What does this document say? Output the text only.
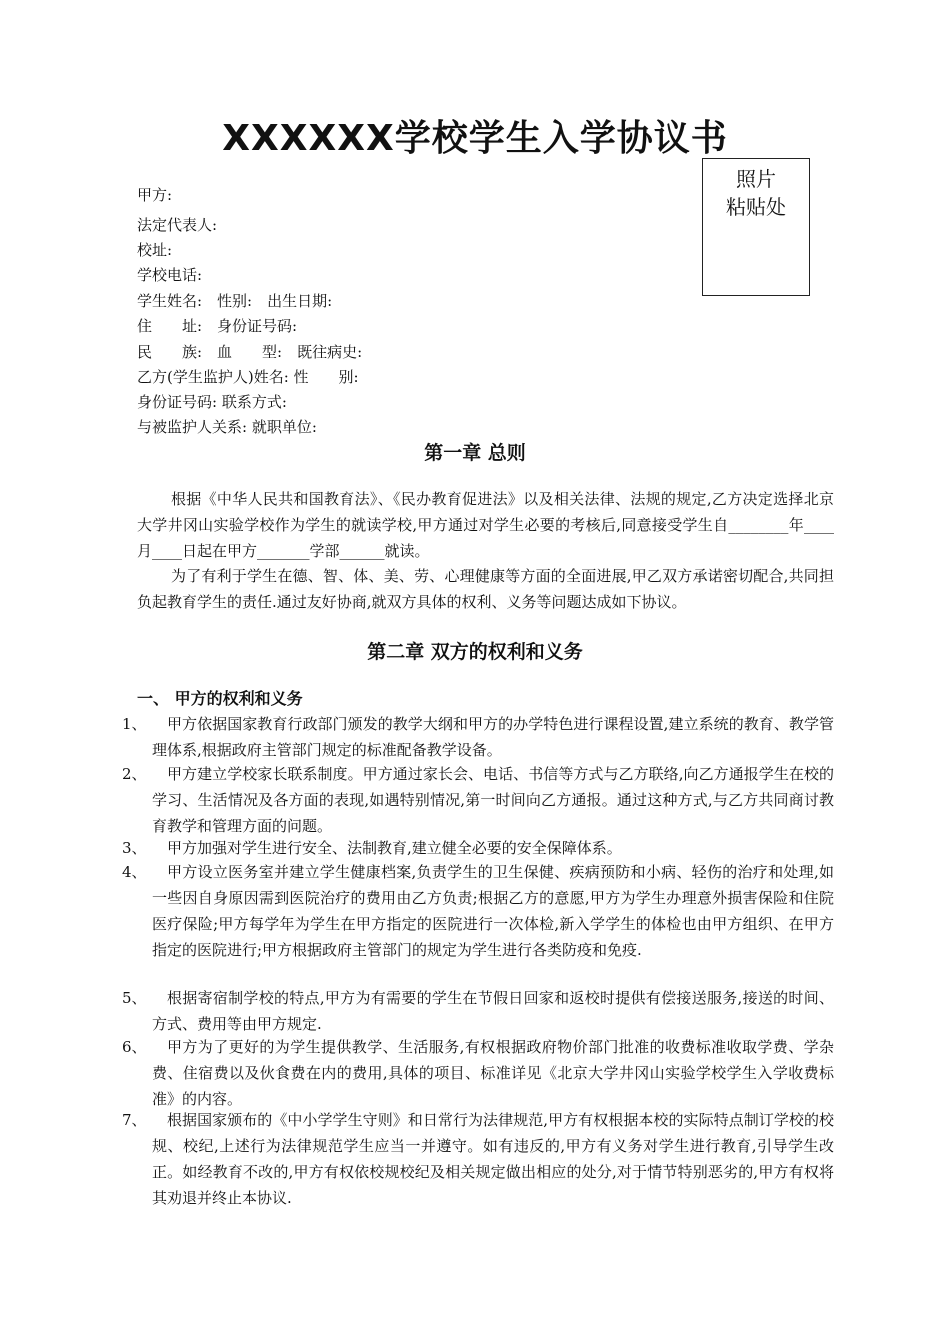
XXXXXX学校学生入学协议书
照片
粘贴处
甲方:
法定代表人:
校址:
学校电话:
学生姓名:　性别:　出生日期:
住　　址:　身份证号码:
民　　族:　血　　型:　既往病史:
乙方(学生监护人)姓名: 性　　别:
身份证号码: 联系方式:
与被监护人关系: 就职单位:
第一章 总则
根据《中华人民共和国教育法》、《民办教育促进法》以及相关法律、法规的规定,乙方决定选择北京大学井冈山实验学校作为学生的就读学校,甲方通过对学生必要的考核后,同意接受学生自________年____月____日起在甲方_______学部______就读。
为了有利于学生在德、智、体、美、劳、心理健康等方面的全面进展,甲乙双方承诺密切配合,共同担负起教育学生的责任.通过友好协商,就双方具体的权利、义务等问题达成如下协议。
第二章 双方的权利和义务
一、 甲方的权利和义务
1、	甲方依据国家教育行政部门颁发的教学大纲和甲方的办学特色进行课程设置,建立系统的教育、教学管理体系,根据政府主管部门规定的标准配备教学设备。
2、	甲方建立学校家长联系制度。甲方通过家长会、电话、书信等方式与乙方联络,向乙方通报学生在校的学习、生活情况及各方面的表现,如遇特别情况,第一时间向乙方通报。通过这种方式,与乙方共同商讨教育教学和管理方面的问题。
3、	甲方加强对学生进行安全、法制教育,建立健全必要的安全保障体系。
4、	甲方设立医务室并建立学生健康档案,负责学生的卫生保健、疾病预防和小病、轻伤的治疗和处理,如一些因自身原因需到医院治疗的费用由乙方负责;根据乙方的意愿,甲方为学生办理意外损害保险和住院医疗保险;甲方每学年为学生在甲方指定的医院进行一次体检,新入学学生的体检也由甲方组织、在甲方指定的医院进行;甲方根据政府主管部门的规定为学生进行各类防疫和免疫.
5、	根据寄宿制学校的特点,甲方为有需要的学生在节假日回家和返校时提供有偿接送服务,接送的时间、方式、费用等由甲方规定.
6、	甲方为了更好的为学生提供教学、生活服务,有权根据政府物价部门批准的收费标准收取学费、学杂费、住宿费以及伙食费在内的费用,具体的项目、标准详见《北京大学井冈山实验学校学生入学收费标准》的内容。
7、	根据国家颁布的《中小学学生守则》和日常行为法律规范,甲方有权根据本校的实际特点制订学校的校规、校纪,上述行为法律规范学生应当一并遵守。如有违反的,甲方有义务对学生进行教育,引导学生改正。如经教育不改的,甲方有权依校规校纪及相关规定做出相应的处分,对于情节特别恶劣的,甲方有权将其劝退并终止本协议.
